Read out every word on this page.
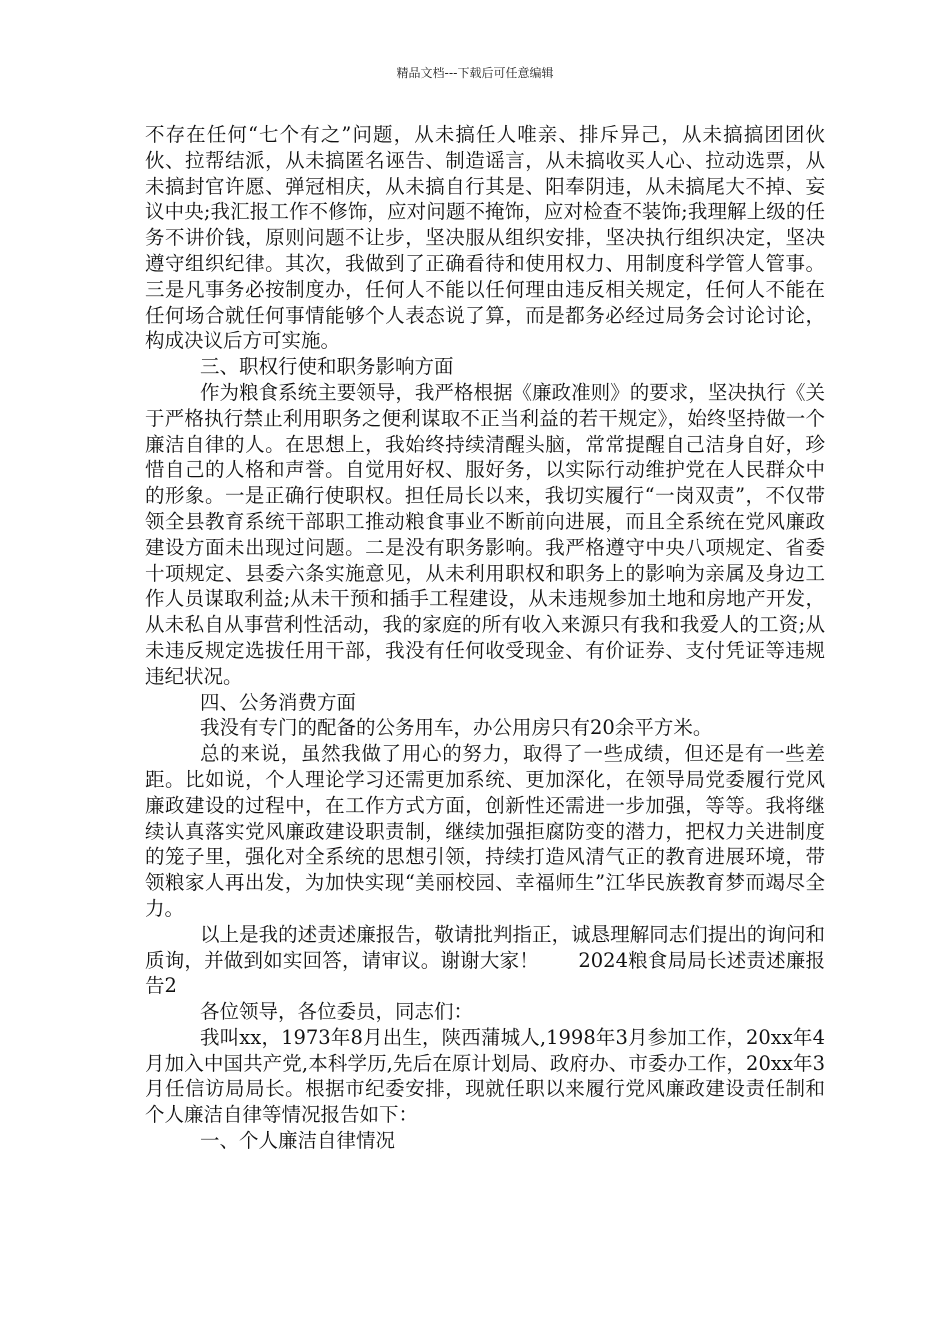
精品文档---下载后可任意编辑

不存在任何“七个有之”问题，从未搞任人唯亲、排斥异己，从未搞搞团团伙伙、拉帮结派，从未搞匿名诬告、制造谣言，从未搞收买人心、拉动选票，从未搞封官许愿、弹冠相庆，从未搞自行其是、阳奉阴违，从未搞尾大不掉、妄议中央;我汇报工作不修饰，应对问题不掩饰，应对检查不装饰;我理解上级的任务不讲价钱，原则问题不让步，坚决服从组织安排，坚决执行组织决定，坚决遵守组织纪律。其次，我做到了正确看待和使用权力、用制度科学管人管事。三是凡事务必按制度办，任何人不能以任何理由违反相关规定，任何人不能在任何场合就任何事情能够个人表态说了算，而是都务必经过局务会讨论讨论，构成决议后方可实施。

三、职权行使和职务影响方面

作为粮食系统主要领导，我严格根据《廉政准则》的要求，坚决执行《关于严格执行禁止利用职务之便利谋取不正当利益的若干规定》，始终坚持做一个廉洁自律的人。在思想上，我始终持续清醒头脑，常常提醒自己洁身自好，珍惜自己的人格和声誉。自觉用好权、服好务，以实际行动维护党在人民群众中的形象。一是正确行使职权。担任局长以来，我切实履行“一岗双责”，不仅带领全县教育系统干部职工推动粮食事业不断前向进展，而且全系统在党风廉政建设方面未出现过问题。二是没有职务影响。我严格遵守中央八项规定、省委十项规定、县委六条实施意见，从未利用职权和职务上的影响为亲属及身边工作人员谋取利益;从未干预和插手工程建设，从未违规参加土地和房地产开发，从未私自从事营利性活动，我的家庭的所有收入来源只有我和我爱人的工资;从未违反规定选拔任用干部，我没有任何收受现金、有价证券、支付凭证等违规违纪状况。

四、公务消费方面

我没有专门的配备的公务用车，办公用房只有20余平方米。

总的来说，虽然我做了用心的努力，取得了一些成绩，但还是有一些差距。比如说，个人理论学习还需更加系统、更加深化，在领导局党委履行党风廉政建设的过程中，在工作方式方面，创新性还需进一步加强，等等。我将继续认真落实党风廉政建设职责制，继续加强拒腐防变的潜力，把权力关进制度的笼子里，强化对全系统的思想引领，持续打造风清气正的教育进展环境，带领粮家人再出发，为加快实现“美丽校园、幸福师生”江华民族教育梦而竭尽全力。

以上是我的述责述廉报告，敬请批判指正，诚恳理解同志们提出的询问和质询，并做到如实回答，请审议。谢谢大家！　　2024粮食局局长述责述廉报告2

各位领导，各位委员，同志们：

我叫xx，1973年8月出生，陕西蒲城人,1998年3月参加工作，20xx年4月加入中国共产党,本科学历,先后在原计划局、政府办、市委办工作，20xx年3月任信访局局长。根据市纪委安排，现就任职以来履行党风廉政建设责任制和个人廉洁自律等情况报告如下：

一、个人廉洁自律情况
